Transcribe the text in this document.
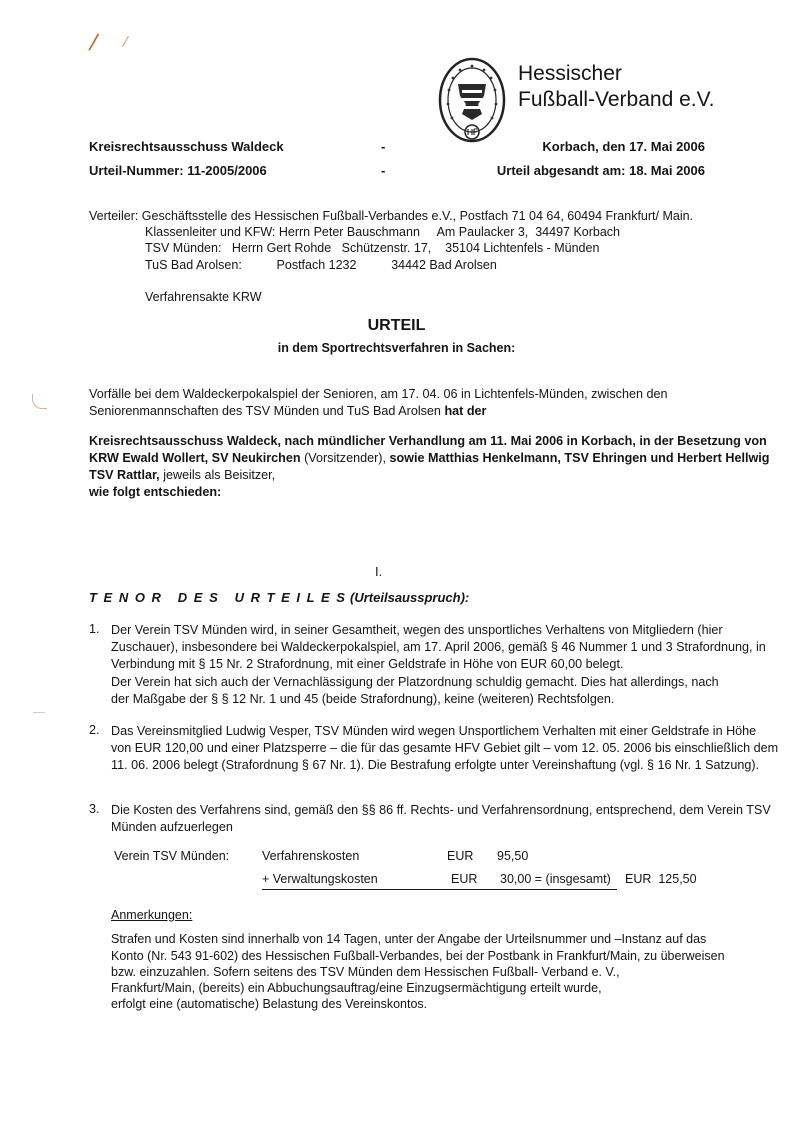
/ /
Hessischer
Fußball-Verband e.V.
Kreisrechtsausschuss Waldeck	-	Korbach, den 17. Mai 2006
Urteil-Nummer: 11-2005/2006	-	Urteil abgesandt am: 18. Mai 2006
Verteiler: Geschäftsstelle des Hessischen Fußball-Verbandes e.V., Postfach 71 04 64, 60494 Frankfurt/ Main.
Klassenleiter und KFW: Herrn Peter Bauschmann     Am Paulacker 3,  34497 Korbach
TSV Münden:   Herrn Gert Rohde   Schützenstr. 17,    35104 Lichtenfels - Münden
TuS Bad Arolsen:          Postfach 1232          34442 Bad Arolsen
Verfahrensakte KRW
URTEIL
in dem Sportrechtsverfahren in Sachen:
Vorfälle bei dem Waldeckerpokalspiel der Senioren, am 17. 04. 06 in Lichtenfels-Münden, zwischen den Seniorenmannschaften des TSV Münden und TuS Bad Arolsen hat der
Kreisrechtsausschuss Waldeck, nach mündlicher Verhandlung am 11. Mai 2006 in Korbach, in der Besetzung von KRW Ewald Wollert, SV Neukirchen (Vorsitzender), sowie Matthias Henkelmann, TSV Ehringen und Herbert Hellwig TSV Rattlar, jeweils als Beisitzer,
wie folgt entschieden:
I.
T E N O R   D E S   U R T E I L E S (Urteilsausspruch):
1. Der Verein TSV Münden wird, in seiner Gesamtheit, wegen des unsportliches Verhaltens von Mitgliedern (hier Zuschauer), insbesondere bei Waldeckerpokalspiel, am 17. April 2006, gemäß § 46 Nummer 1 und 3 Strafordnung, in Verbindung mit § 15 Nr. 2 Strafordnung, mit einer Geldstrafe in Höhe von EUR 60,00 belegt.
Der Verein hat sich auch der Vernachlässigung der Platzordnung schuldig gemacht. Dies hat allerdings, nach       der Maßgabe der § § 12 Nr. 1 und 45 (beide Strafordnung), keine (weiteren) Rechtsfolgen.
2. Das Vereinsmitglied Ludwig Vesper, TSV Münden wird wegen Unsportlichem Verhalten mit einer Geldstrafe in Höhe von EUR 120,00 und einer Platzsperre – die für das gesamte HFV Gebiet gilt – vom 12. 05. 2006 bis einschließlich dem 11. 06. 2006 belegt (Strafordnung § 67 Nr. 1). Die Bestrafung erfolgte unter Vereinshaftung (vgl. § 16 Nr. 1 Satzung).
3. Die Kosten des Verfahrens sind, gemäß den §§ 86 ff. Rechts- und Verfahrensordnung, entsprechend, dem Verein TSV Münden aufzuerlegen
Verein TSV Münden:	Verfahrenskosten	EUR 95,50
+ Verwaltungskosten	EUR 30,00 = (insgesamt) EUR  125,50
Anmerkungen:
Strafen und Kosten sind innerhalb von 14 Tagen, unter der Angabe der Urteilsnummer und –Instanz auf das
Konto (Nr. 543 91-602) des Hessischen Fußball-Verbandes, bei der Postbank in Frankfurt/Main, zu überweisen
bzw. einzuzahlen. Sofern seitens des TSV Münden dem Hessischen Fußball- Verband e. V.,
Frankfurt/Main, (bereits) ein Abbuchungsauftrag/eine Einzugsermächtigung erteilt wurde,
erfolgt eine (automatische) Belastung des Vereinskontos.
